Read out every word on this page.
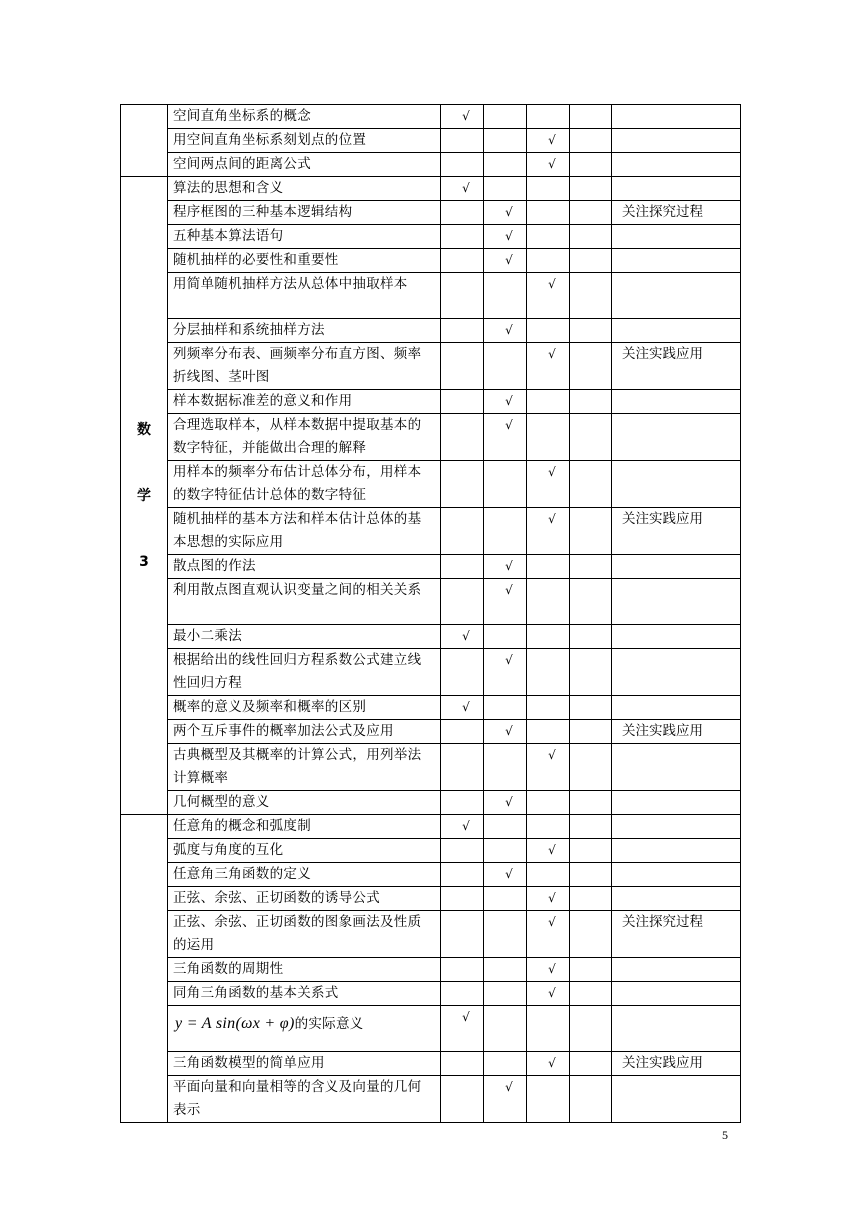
	空间直角坐标系的概念	√				
	用空间直角坐标系刻划点的位置			√		
	空间两点间的距离公式			√		

数
学
3	算法的思想和含义	√				
	程序框图的三种基本逻辑结构		√			关注探究过程
	五种基本算法语句		√			
	随机抽样的必要性和重要性		√			
	用简单随机抽样方法从总体中抽取样本			√		
	分层抽样和系统抽样方法		√			
	列频率分布表、画频率分布直方图、频率折线图、茎叶图			√		关注实践应用
	样本数据标准差的意义和作用		√			
	合理选取样本，从样本数据中提取基本的数字特征，并能做出合理的解释		√			
	用样本的频率分布估计总体分布，用样本的数字特征估计总体的数字特征			√		
	随机抽样的基本方法和样本估计总体的基本思想的实际应用			√		关注实践应用
	散点图的作法		√			
	利用散点图直观认识变量之间的相关关系		√			
	最小二乘法	√				
	根据给出的线性回归方程系数公式建立线性回归方程		√			
	概率的意义及频率和概率的区别	√				
	两个互斥事件的概率加法公式及应用		√			关注实践应用
	古典概型及其概率的计算公式，用列举法计算概率			√		
	几何概型的意义		√			
	任意角的概念和弧度制	√				
	弧度与角度的互化			√		
	任意角三角函数的定义		√			
	正弦、余弦、正切函数的诱导公式			√		
	正弦、余弦、正切函数的图象画法及性质的运用			√		关注探究过程
	三角函数的周期性			√		
	同角三角函数的基本关系式			√		
	y = A sin(ωx + φ)的实际意义	√				
	三角函数模型的简单应用			√		关注实践应用
	平面向量和向量相等的含义及向量的几何表示		√			
5
